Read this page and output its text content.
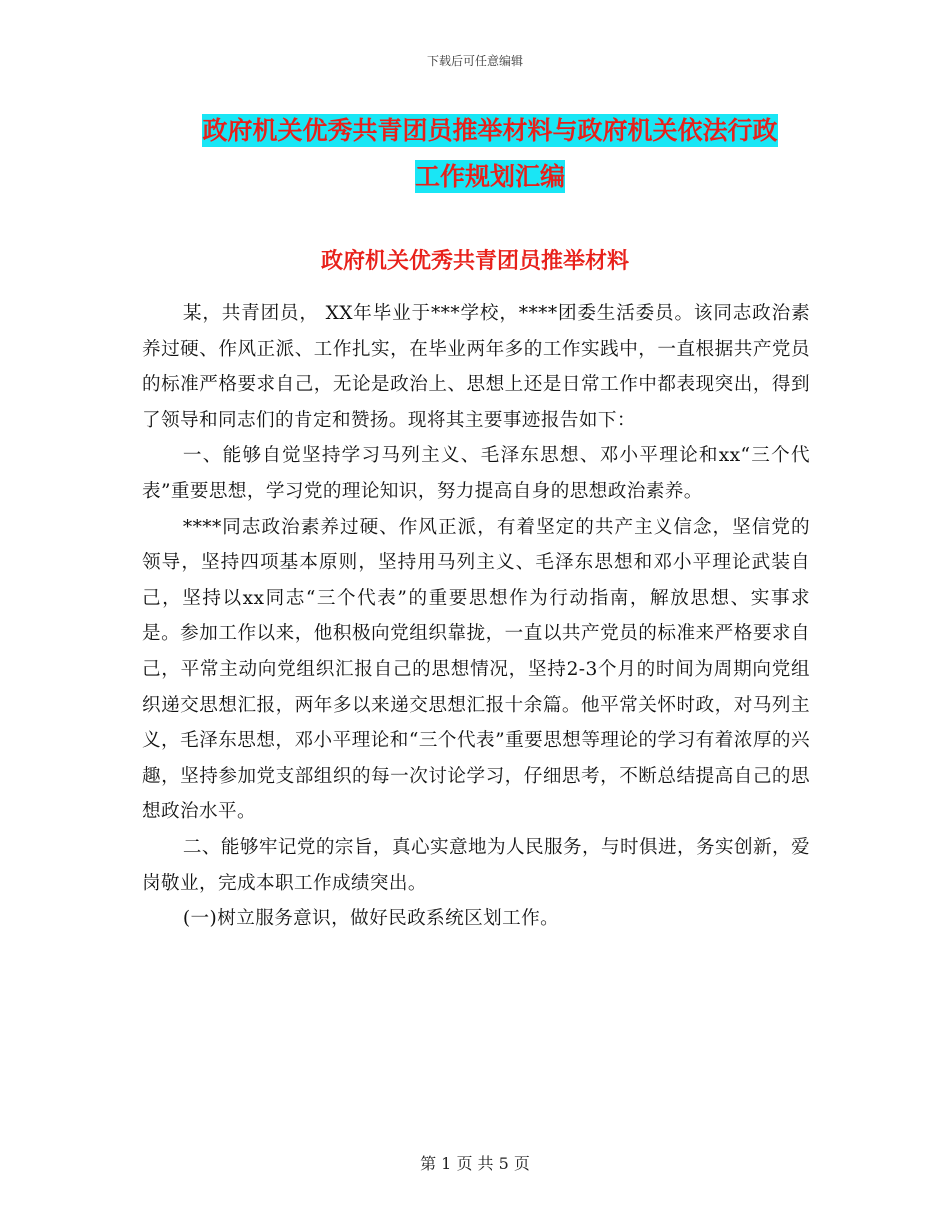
下载后可任意编辑
政府机关优秀共青团员推举材料与政府机关依法行政
工作规划汇编
政府机关优秀共青团员推举材料

某，共青团员， XX年毕业于***学校，****团委生活委员。该同志政治素养过硬、作风正派、工作扎实，在毕业两年多的工作实践中，一直根据共产党员的标准严格要求自己，无论是政治上、思想上还是日常工作中都表现突出，得到了领导和同志们的肯定和赞扬。现将其主要事迹报告如下：

一、能够自觉坚持学习马列主义、毛泽东思想、邓小平理论和xx“三个代表”重要思想，学习党的理论知识，努力提高自身的思想政治素养。

****同志政治素养过硬、作风正派，有着坚定的共产主义信念，坚信党的领导，坚持四项基本原则，坚持用马列主义、毛泽东思想和邓小平理论武装自己，坚持以xx同志“三个代表”的重要思想作为行动指南，解放思想、实事求是。参加工作以来，他积极向党组织靠拢，一直以共产党员的标准来严格要求自己，平常主动向党组织汇报自己的思想情况，坚持2-3个月的时间为周期向党组织递交思想汇报，两年多以来递交思想汇报十余篇。他平常关怀时政，对马列主义，毛泽东思想，邓小平理论和“三个代表”重要思想等理论的学习有着浓厚的兴趣，坚持参加党支部组织的每一次讨论学习，仔细思考，不断总结提高自己的思想政治水平。

二、能够牢记党的宗旨，真心实意地为人民服务，与时俱进，务实创新，爱岗敬业，完成本职工作成绩突出。

(一)树立服务意识，做好民政系统区划工作。

第 1 页 共 5 页
